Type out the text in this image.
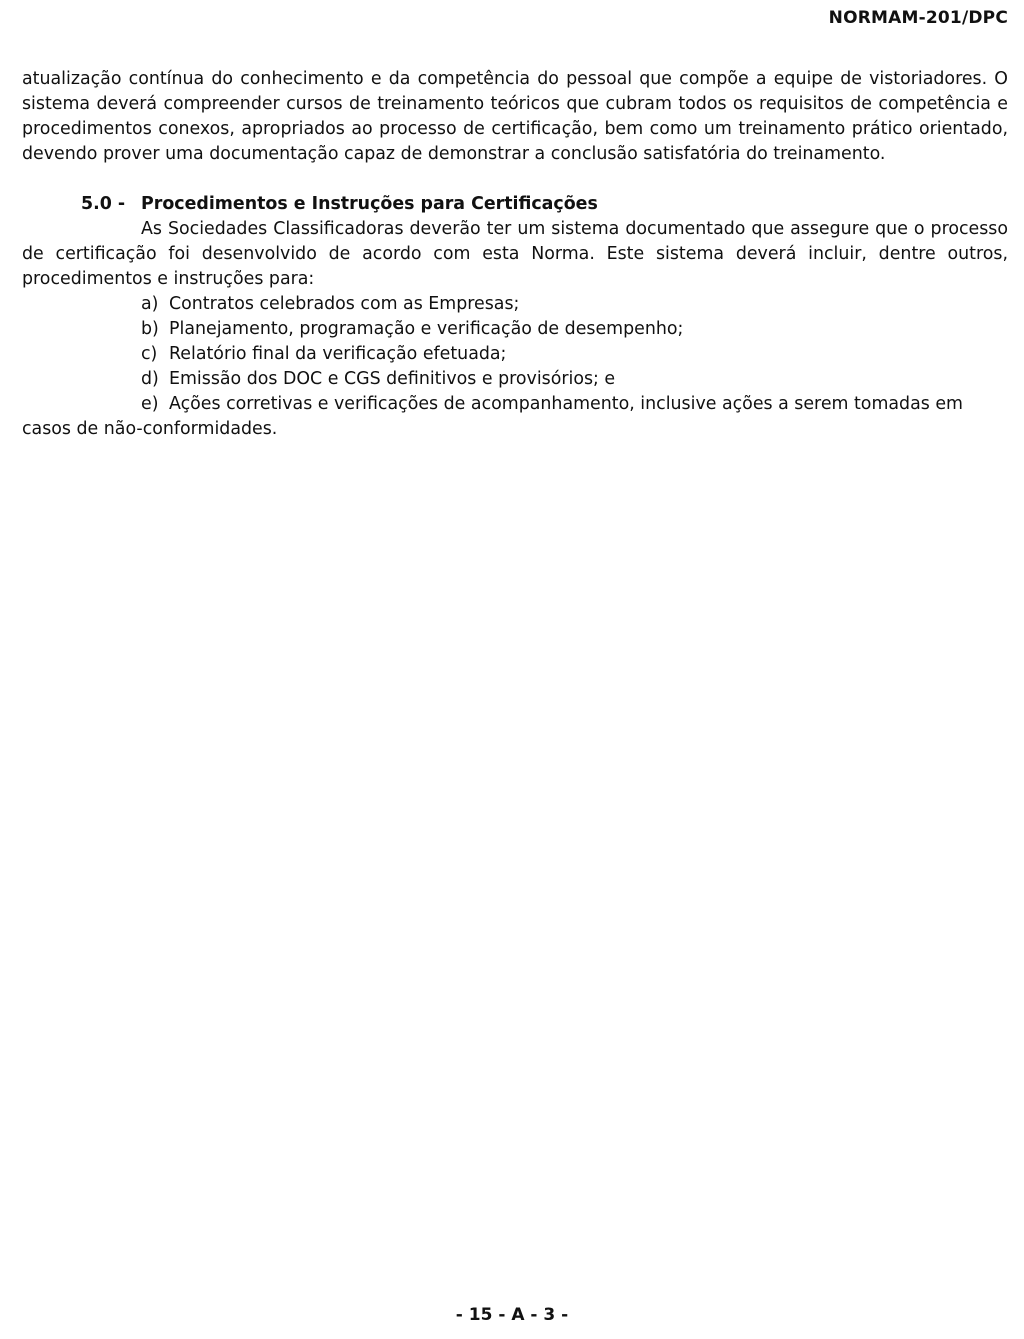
NORMAM-201/DPC

atualização contínua do conhecimento e da competência do pessoal que compõe a equipe de vistoriadores. O sistema deverá compreender cursos de treinamento teóricos que cubram todos os requisitos de competência e procedimentos conexos, apropriados ao processo de certificação, bem como um treinamento prático orientado, devendo prover uma documentação capaz de demonstrar a conclusão satisfatória do treinamento.

5.0 - Procedimentos e Instruções para Certificações

As Sociedades Classificadoras deverão ter um sistema documentado que assegure que o processo de certificação foi desenvolvido de acordo com esta Norma. Este sistema deverá incluir, dentre outros, procedimentos e instruções para:

a) Contratos celebrados com as Empresas;
b) Planejamento, programação e verificação de desempenho;
c) Relatório final da verificação efetuada;
d) Emissão dos DOC e CGS definitivos e provisórios; e
e) Ações corretivas e verificações de acompanhamento, inclusive ações a serem tomadas em casos de não-conformidades.
- 15 - A - 3 -
